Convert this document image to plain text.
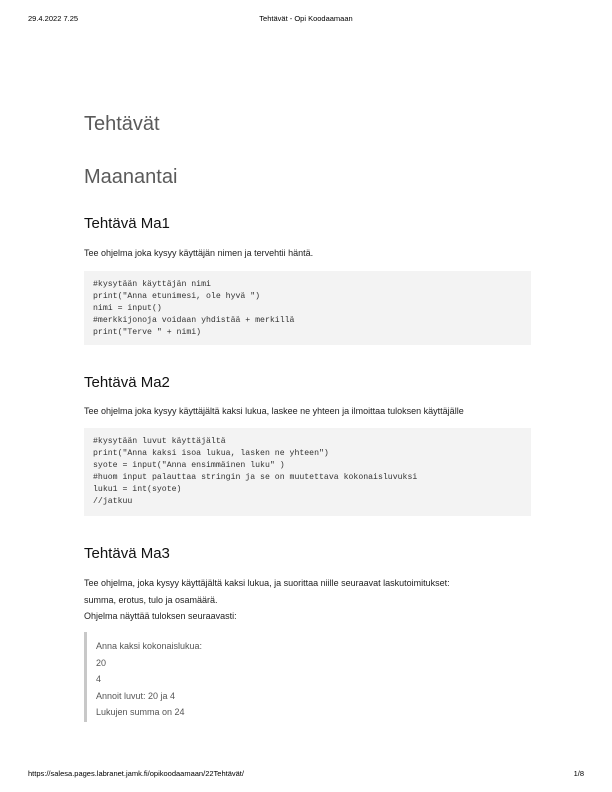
29.4.2022 7.25	Tehtävät - Opi Koodaamaan
Tehtävät
Maanantai
Tehtävä Ma1

Tee ohjelma joka kysyy käyttäjän nimen ja tervehtii häntä.

#kysytään käyttäjän nimi
print("Anna etunimesi, ole hyvä ")
nimi = input()
#merkkijonoja voidaan yhdistää + merkillä
print("Terve " + nimi)
Tehtävä Ma2

Tee ohjelma joka kysyy käyttäjältä kaksi lukua, laskee ne yhteen ja ilmoittaa tuloksen käyttäjälle

#kysytään luvut käyttäjältä
print("Anna kaksi isoa lukua, lasken ne yhteen")
syote = input("Anna ensimmäinen luku" )
#huom input palauttaa stringin ja se on muutettava kokonaisluvuksi
luku1 = int(syote)
//jatkuu
Tehtävä Ma3

Tee ohjelma, joka kysyy käyttäjältä kaksi lukua, ja suorittaa niille seuraavat laskutoimitukset:

summa, erotus, tulo ja osamäärä.

Ohjelma näyttää tuloksen seuraavasti:

Anna kaksi kokonaislukua:
20
4
Annoit luvut: 20 ja 4
Lukujen summa on 24
https://salesa.pages.labranet.jamk.fi/opikoodaamaan/22Tehtävät/	1/8
